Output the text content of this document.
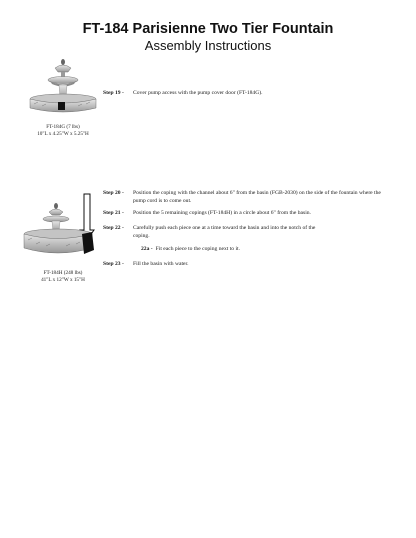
FT-184 Parisienne Two Tier Fountain
Assembly Instructions
FT-184G (7 lbs)
10"L x 4.25"W x 5.25"H
Step 19 -	Cover pump access with the pump cover door (FT-184G).
FT-184H (248 lbs)
41"L x 12"W x 15"H
Step 20 -	Position the coping with the channel about 6" from the basin (FGB-2030) on the side of the fountain where the pump cord is to come out.
Step 21 -	Position the 5 remaining copings (FT-184H) in a circle about 6" from the basin.
Step 22 -	Carefully push each piece one at a time toward the basin and into the notch of the coping.
22a - Fit each piece to the coping next to it.
Step 23 -	Fill the basin with water.
